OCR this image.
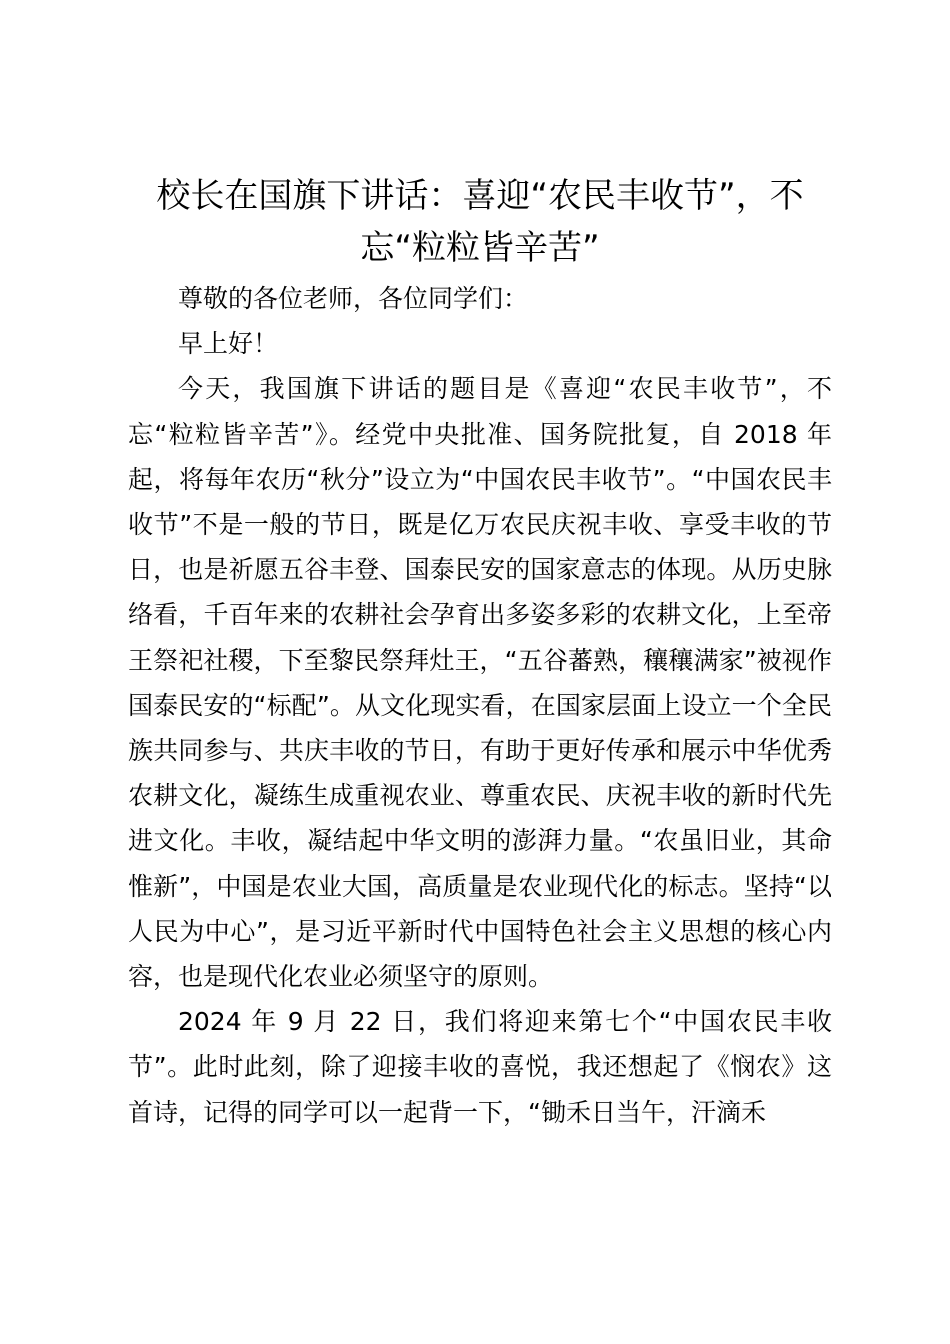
校长在国旗下讲话：喜迎“农民丰收节”，不忘“粒粒皆辛苦”

尊敬的各位老师，各位同学们：

早上好！

今天，我国旗下讲话的题目是《喜迎“农民丰收节”，不忘“粒粒皆辛苦”》。经党中央批准、国务院批复，自 2018 年起，将每年农历“秋分”设立为“中国农民丰收节”。“中国农民丰收节”不是一般的节日，既是亿万农民庆祝丰收、享受丰收的节日，也是祈愿五谷丰登、国泰民安的国家意志的体现。从历史脉络看，千百年来的农耕社会孕育出多姿多彩的农耕文化，上至帝王祭祀社稷，下至黎民祭拜灶王，“五谷蕃熟，穰穰满家”被视作国泰民安的“标配”。从文化现实看，在国家层面上设立一个全民族共同参与、共庆丰收的节日，有助于更好传承和展示中华优秀农耕文化，凝练生成重视农业、尊重农民、庆祝丰收的新时代先进文化。丰收，凝结起中华文明的澎湃力量。“农虽旧业，其命惟新”，中国是农业大国，高质量是农业现代化的标志。坚持“以人民为中心”，是习近平新时代中国特色社会主义思想的核心内容，也是现代化农业必须坚守的原则。

2024 年 9 月 22 日，我们将迎来第七个“中国农民丰收节”。此时此刻，除了迎接丰收的喜悦，我还想起了《悯农》这首诗，记得的同学可以一起背一下，“锄禾日当午，汗滴禾
